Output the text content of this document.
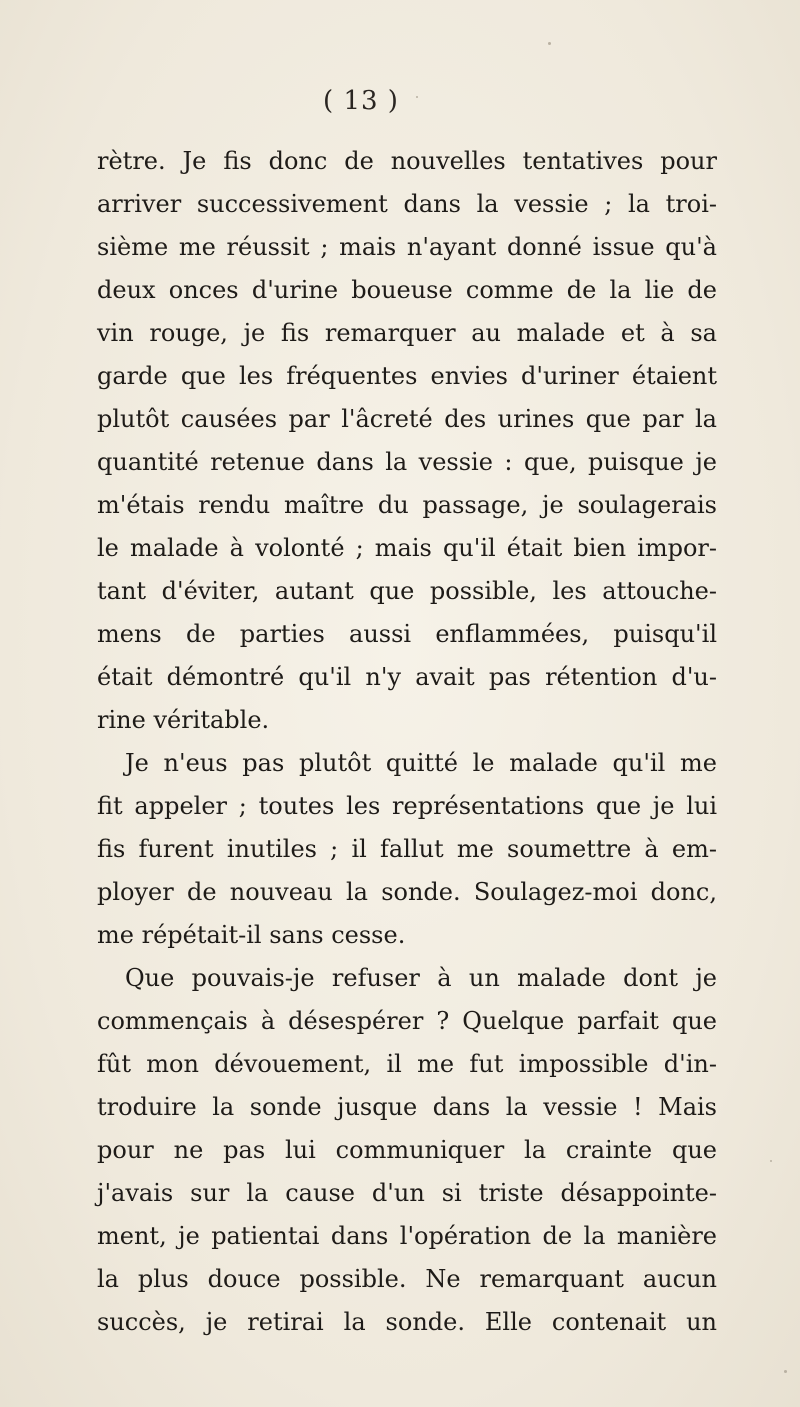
( 13 )
rètre. Je fis donc de nouvelles tentatives pour
arriver successivement dans la vessie ; la troi-
sième me réussit ; mais n'ayant donné issue qu'à
deux onces d'urine boueuse comme de la lie de
vin rouge, je fis remarquer au malade et à sa
garde que les fréquentes envies d'uriner étaient
plutôt causées par l'âcreté des urines que par la
quantité retenue dans la vessie : que, puisque je
m'étais rendu maître du passage, je soulagerais
le malade à volonté ; mais qu'il était bien impor-
tant d'éviter, autant que possible, les attouche-
mens de parties aussi enflammées, puisqu'il
était démontré qu'il n'y avait pas rétention d'u-
rine véritable.
Je n'eus pas plutôt quitté le malade qu'il me
fit appeler ; toutes les représentations que je lui
fis furent inutiles ; il fallut me soumettre à em-
ployer de nouveau la sonde. Soulagez-moi donc,
me répétait-il sans cesse.
Que pouvais-je refuser à un malade dont je
commençais à désespérer ? Quelque parfait que
fût mon dévouement, il me fut impossible d'in-
troduire la sonde jusque dans la vessie ! Mais
pour ne pas lui communiquer la crainte que
j'avais sur la cause d'un si triste désappointe-
ment, je patientai dans l'opération de la manière
la plus douce possible. Ne remarquant aucun
succès, je retirai la sonde. Elle contenait un
